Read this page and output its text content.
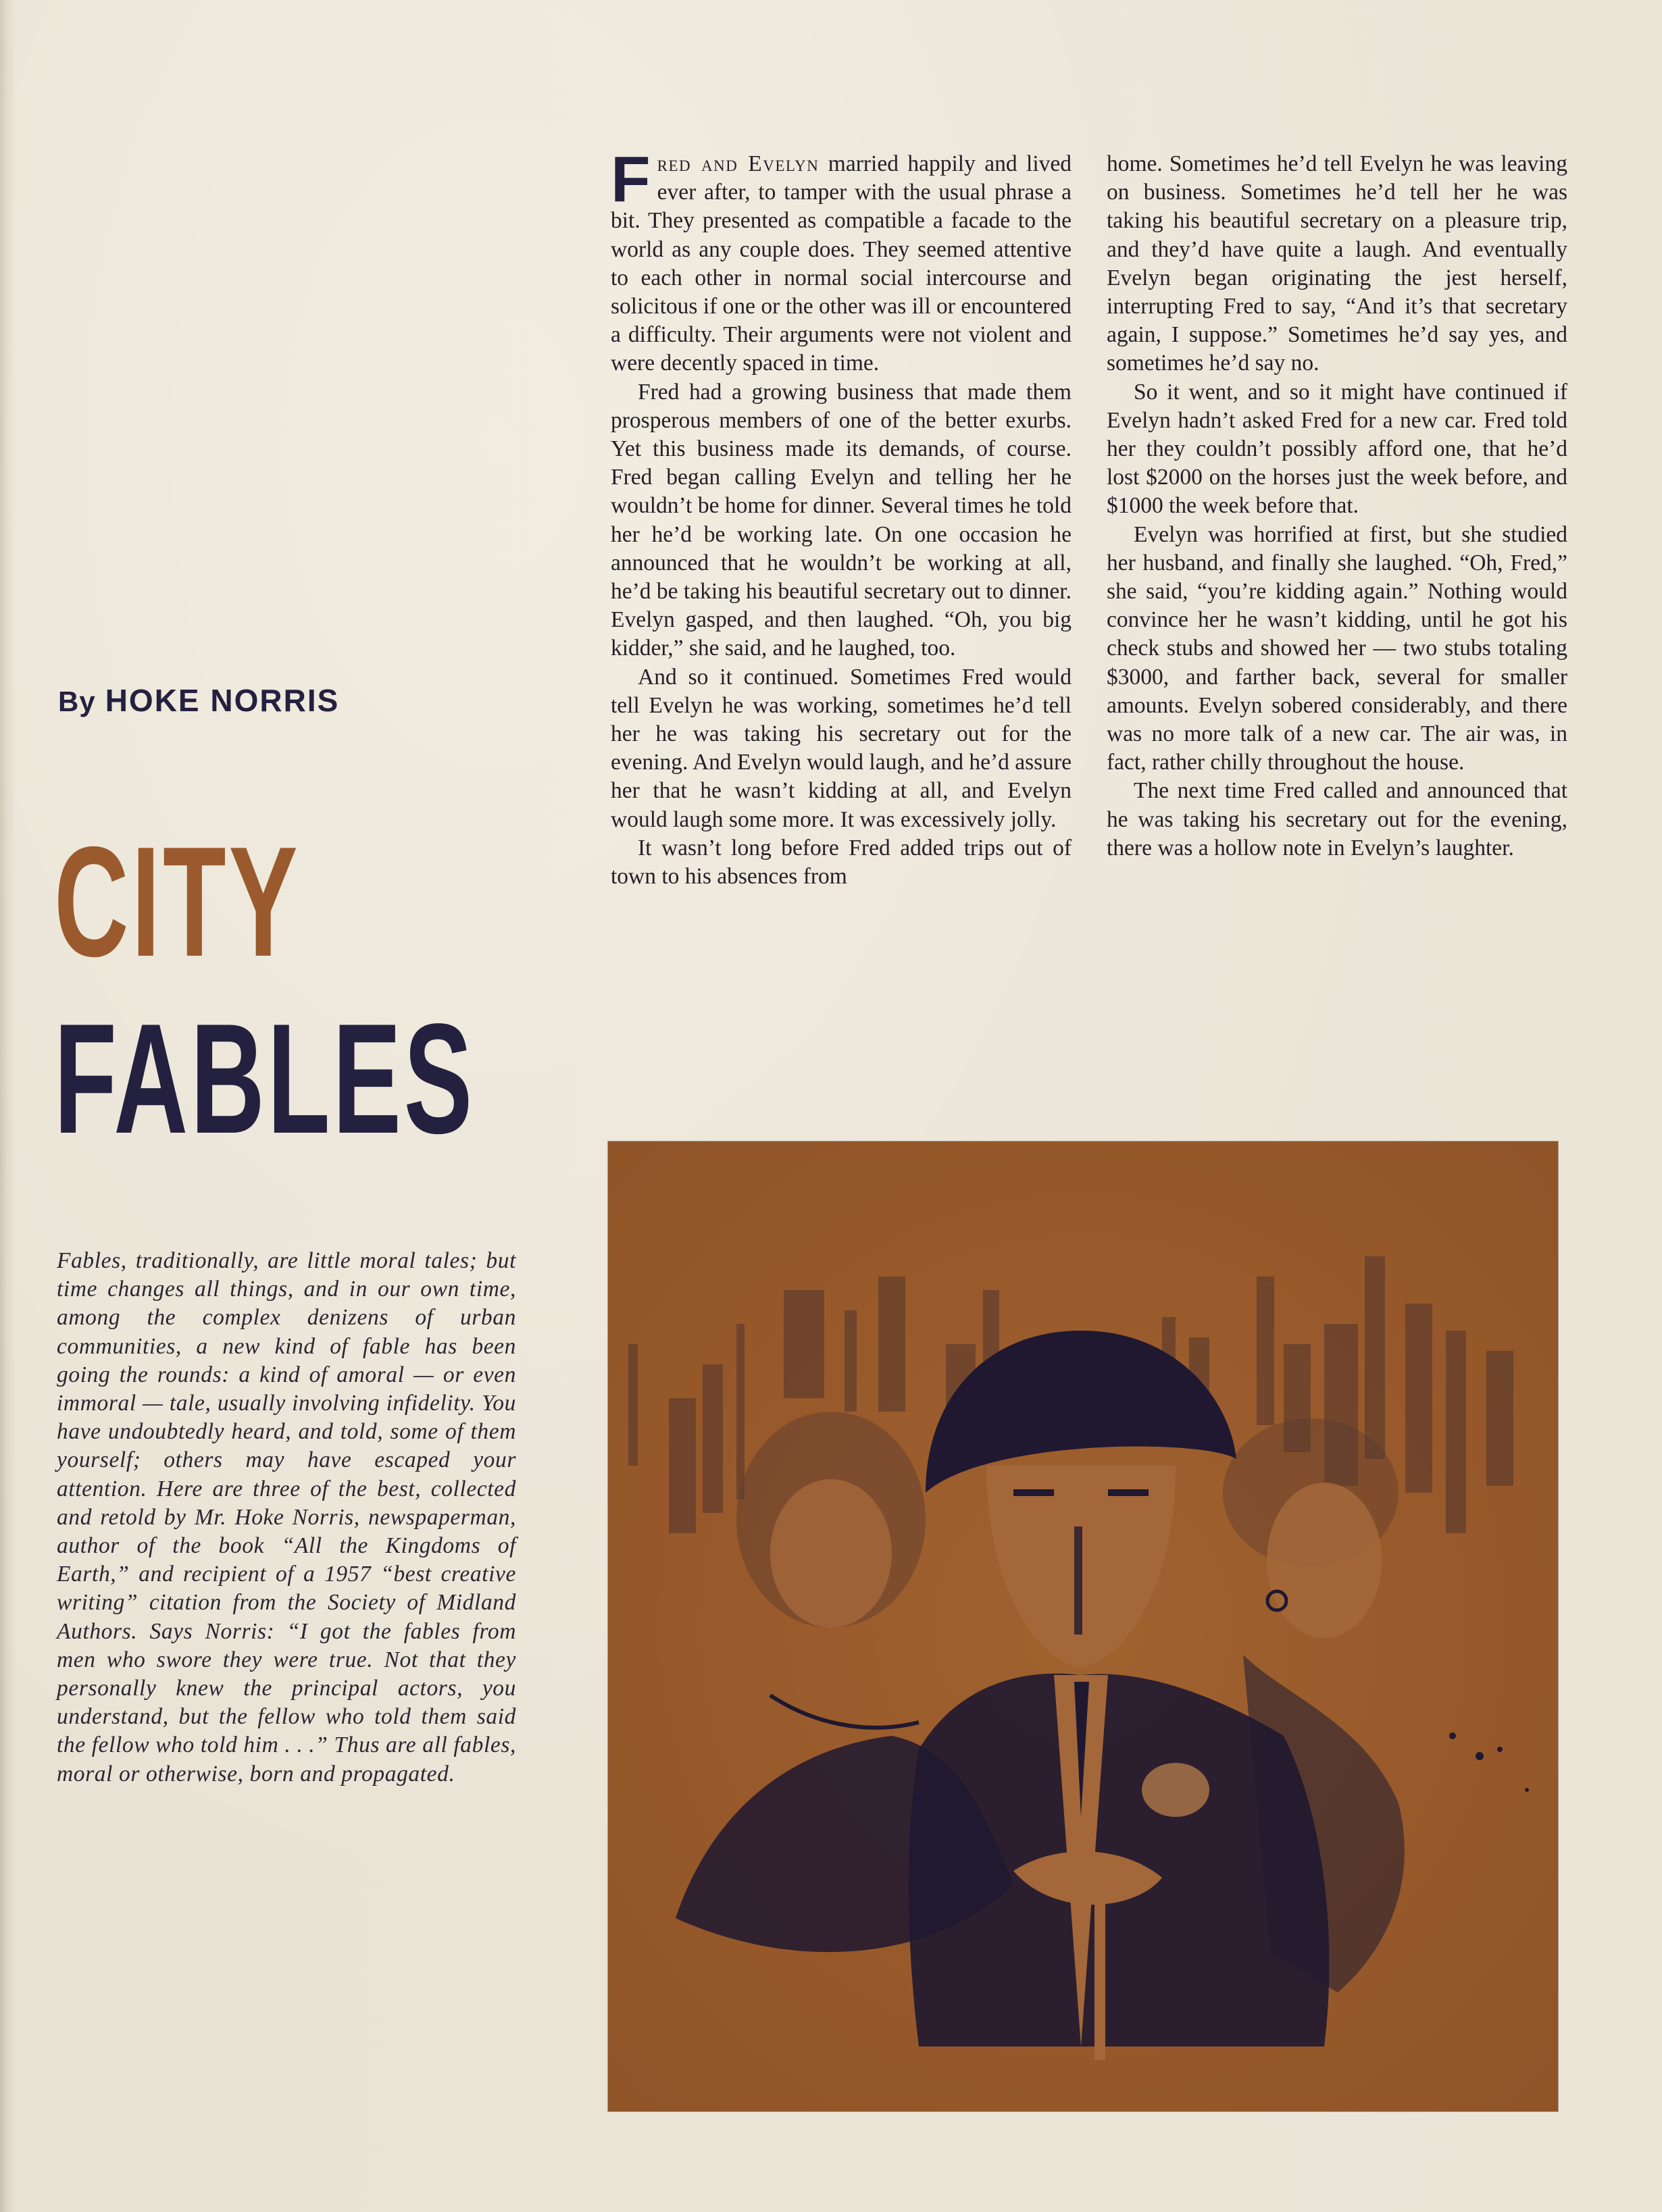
By HOKE NORRIS
CITY
FABLES
Fables, traditionally, are little moral tales; but time changes all things, and in our own time, among the complex denizens of urban communities, a new kind of fable has been going the rounds: a kind of amoral — or even immoral — tale, usually involving infidelity. You have undoubtedly heard, and told, some of them yourself; others may have escaped your attention. Here are three of the best, collected and retold by Mr. Hoke Norris, newspaperman, author of the book “All the Kingdoms of Earth,” and recipient of a 1957 “best creative writing” citation from the Society of Midland Authors. Says Norris: “I got the fables from men who swore they were true. Not that they personally knew the principal actors, you understand, but the fellow who told them said the fellow who told him . . .” Thus are all fables, moral or otherwise, born and propagated.

Fred and Evelyn married happily and lived ever after, to tamper with the usual phrase a bit. They presented as compatible a facade to the world as any couple does. They seemed attentive to each other in normal social intercourse and solicitous if one or the other was ill or encountered a difficulty. Their arguments were not violent and were decently spaced in time.

Fred had a growing business that made them prosperous members of one of the better exurbs. Yet this business made its demands, of course. Fred began calling Evelyn and telling her he wouldn’t be home for dinner. Several times he told her he’d be working late. On one occasion he announced that he wouldn’t be working at all, he’d be taking his beautiful secretary out to dinner. Evelyn gasped, and then laughed. “Oh, you big kidder,” she said, and he laughed, too.

And so it continued. Sometimes Fred would tell Evelyn he was working, sometimes he’d tell her he was taking his secretary out for the evening. And Evelyn would laugh, and he’d assure her that he wasn’t kidding at all, and Evelyn would laugh some more. It was excessively jolly.

It wasn’t long before Fred added trips out of town to his absences from

home. Sometimes he’d tell Evelyn he was leaving on business. Sometimes he’d tell her he was taking his beautiful secretary on a pleasure trip, and they’d have quite a laugh. And eventually Evelyn began originating the jest herself, interrupting Fred to say, “And it’s that secretary again, I suppose.” Sometimes he’d say yes, and sometimes he’d say no.

So it went, and so it might have continued if Evelyn hadn’t asked Fred for a new car. Fred told her they couldn’t possibly afford one, that he’d lost $2000 on the horses just the week before, and $1000 the week before that.

Evelyn was horrified at first, but she studied her husband, and finally she laughed. “Oh, Fred,” she said, “you’re kidding again.” Nothing would convince her he wasn’t kidding, until he got his check stubs and showed her — two stubs totaling $3000, and farther back, several for smaller amounts. Evelyn sobered considerably, and there was no more talk of a new car. The air was, in fact, rather chilly throughout the house.

The next time Fred called and announced that he was taking his secretary out for the evening, there was a hollow note in Evelyn’s laughter.
